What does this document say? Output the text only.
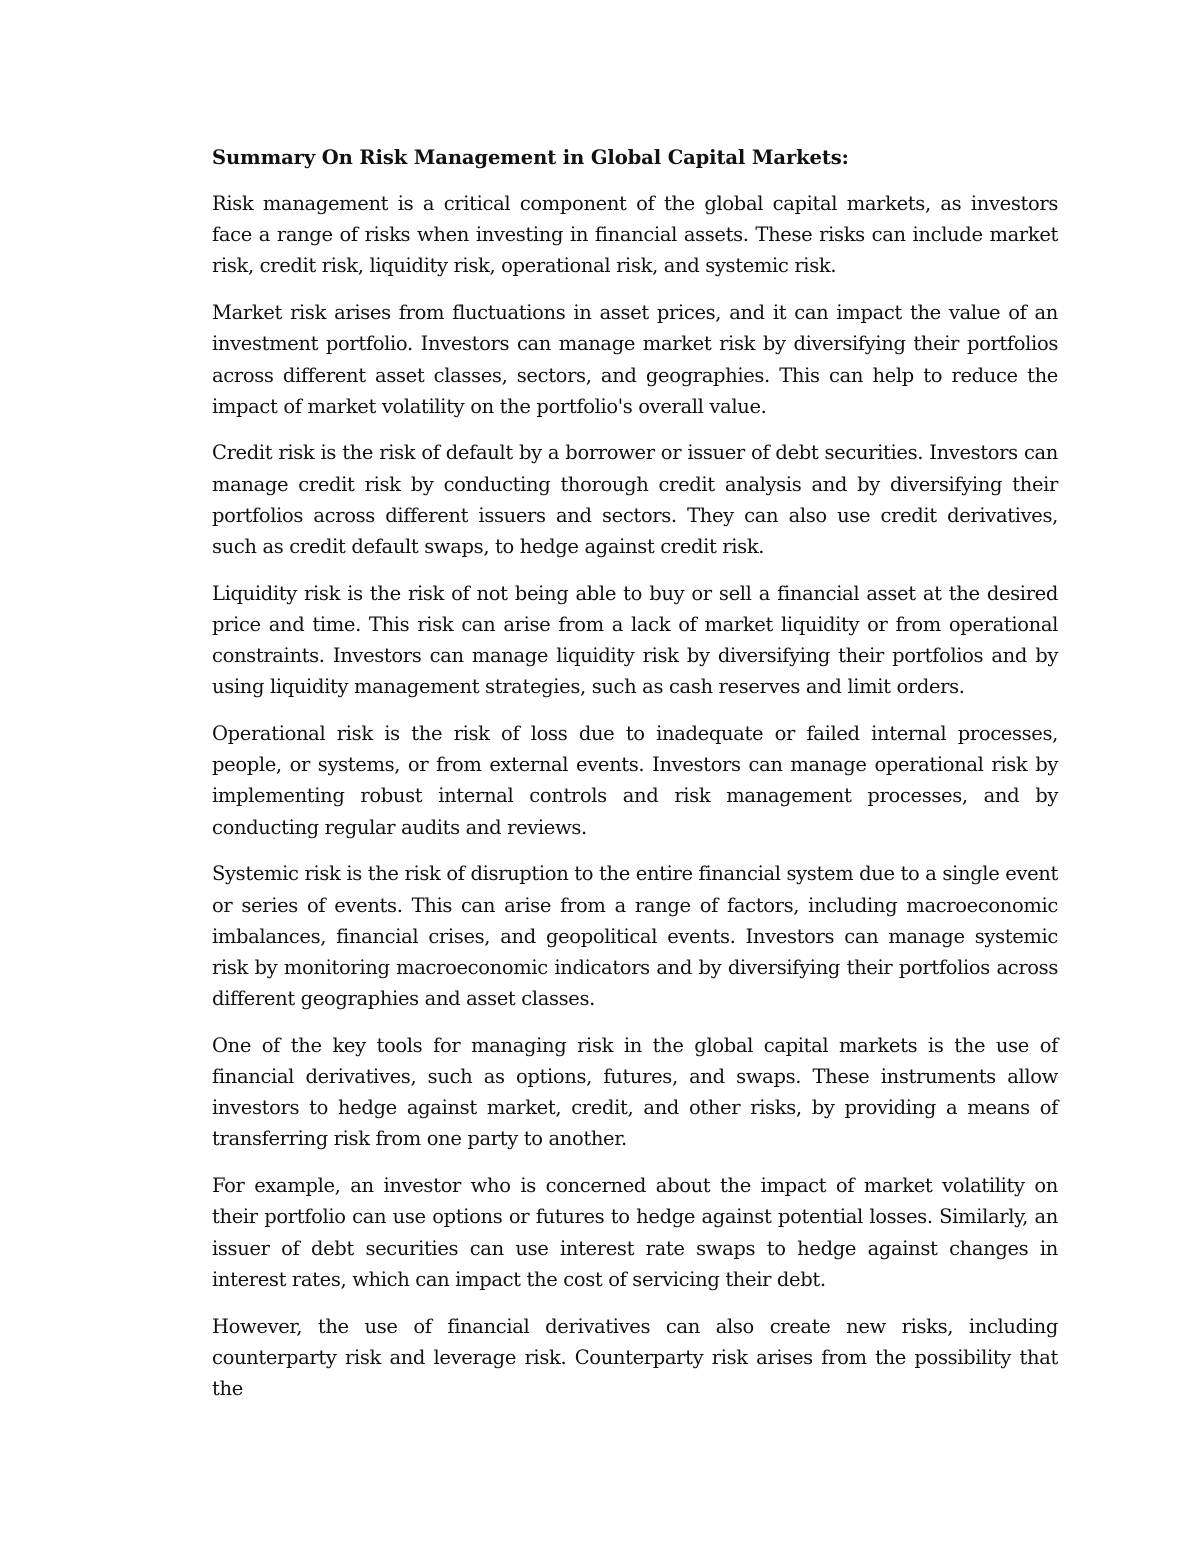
Summary On Risk Management in Global Capital Markets:

Risk management is a critical component of the global capital markets, as investors face a range of risks when investing in financial assets. These risks can include market risk, credit risk, liquidity risk, operational risk, and systemic risk.

Market risk arises from fluctuations in asset prices, and it can impact the value of an investment portfolio. Investors can manage market risk by diversifying their portfolios across different asset classes, sectors, and geographies. This can help to reduce the impact of market volatility on the portfolio's overall value.

Credit risk is the risk of default by a borrower or issuer of debt securities. Investors can manage credit risk by conducting thorough credit analysis and by diversifying their portfolios across different issuers and sectors. They can also use credit derivatives, such as credit default swaps, to hedge against credit risk.

Liquidity risk is the risk of not being able to buy or sell a financial asset at the desired price and time. This risk can arise from a lack of market liquidity or from operational constraints. Investors can manage liquidity risk by diversifying their portfolios and by using liquidity management strategies, such as cash reserves and limit orders.

Operational risk is the risk of loss due to inadequate or failed internal processes, people, or systems, or from external events. Investors can manage operational risk by implementing robust internal controls and risk management processes, and by conducting regular audits and reviews.

Systemic risk is the risk of disruption to the entire financial system due to a single event or series of events. This can arise from a range of factors, including macroeconomic imbalances, financial crises, and geopolitical events. Investors can manage systemic risk by monitoring macroeconomic indicators and by diversifying their portfolios across different geographies and asset classes.

One of the key tools for managing risk in the global capital markets is the use of financial derivatives, such as options, futures, and swaps. These instruments allow investors to hedge against market, credit, and other risks, by providing a means of transferring risk from one party to another.

For example, an investor who is concerned about the impact of market volatility on their portfolio can use options or futures to hedge against potential losses. Similarly, an issuer of debt securities can use interest rate swaps to hedge against changes in interest rates, which can impact the cost of servicing their debt.

However, the use of financial derivatives can also create new risks, including counterparty risk and leverage risk. Counterparty risk arises from the possibility that the
